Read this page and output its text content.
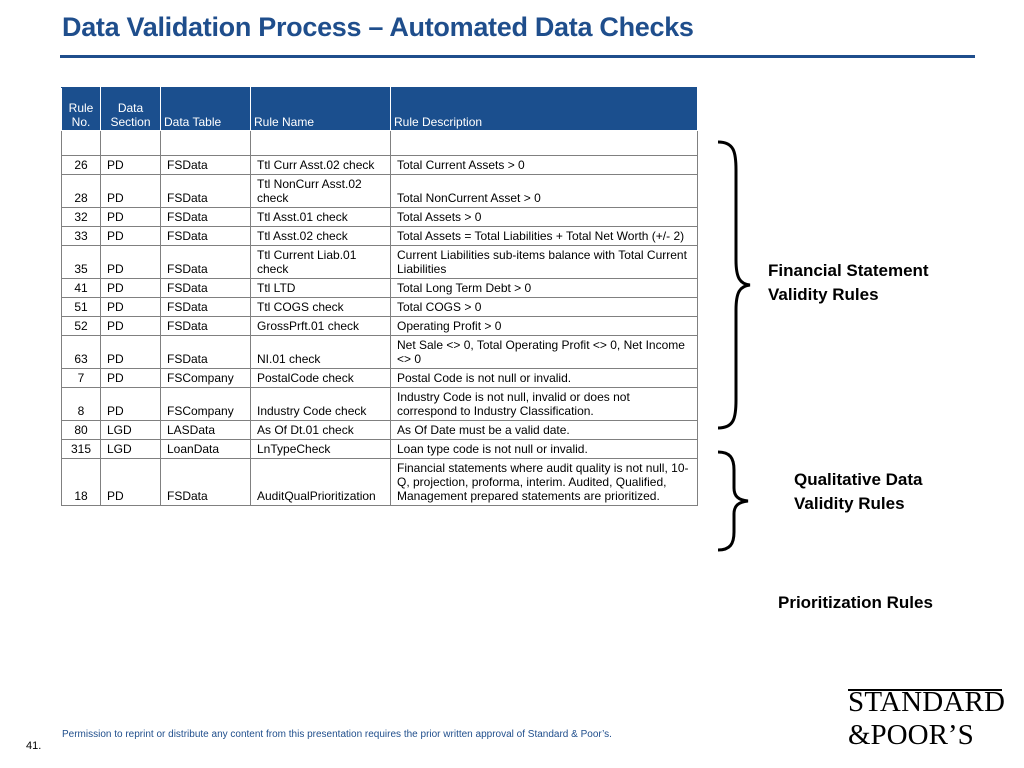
Data Validation Process – Automated Data Checks
Rule No.	Data Section	Data Table	Rule Name	Rule Description

26	PD	FSData	Ttl Curr Asst.02 check	Total Current Assets > 0
28	PD	FSData	Ttl NonCurr Asst.02 check	Total NonCurrent Asset > 0
32	PD	FSData	Ttl Asst.01 check	Total Assets > 0
33	PD	FSData	Ttl Asst.02 check	Total Assets = Total Liabilities + Total Net Worth (+/- 2)
35	PD	FSData	Ttl Current Liab.01 check	Current Liabilities sub-items balance with Total Current Liabilities
41	PD	FSData	Ttl LTD	Total Long Term Debt > 0
51	PD	FSData	Ttl COGS check	Total COGS > 0
52	PD	FSData	GrossPrft.01 check	Operating Profit > 0
63	PD	FSData	NI.01 check	Net Sale <> 0, Total Operating Profit <> 0, Net Income <> 0
7	PD	FSCompany	PostalCode check	Postal Code is not null or invalid.
8	PD	FSCompany	Industry Code check	Industry Code is not null, invalid or does not correspond to Industry Classification.
80	LGD	LASData	As Of Dt.01 check	As Of Date must be a valid date.
315	LGD	LoanData	LnTypeCheck	Loan type code is not null or invalid.
18	PD	FSData	AuditQualPrioritization	Financial statements where audit quality is not null, 10-Q, projection, proforma, interim. Audited, Qualified, Management prepared statements are prioritized.
Financial Statement Validity Rules
Qualitative Data Validity Rules
Prioritization Rules
Permission to reprint or distribute any content from this presentation requires the prior written approval of Standard & Poor’s.
41.
STANDARD
&POOR’S
